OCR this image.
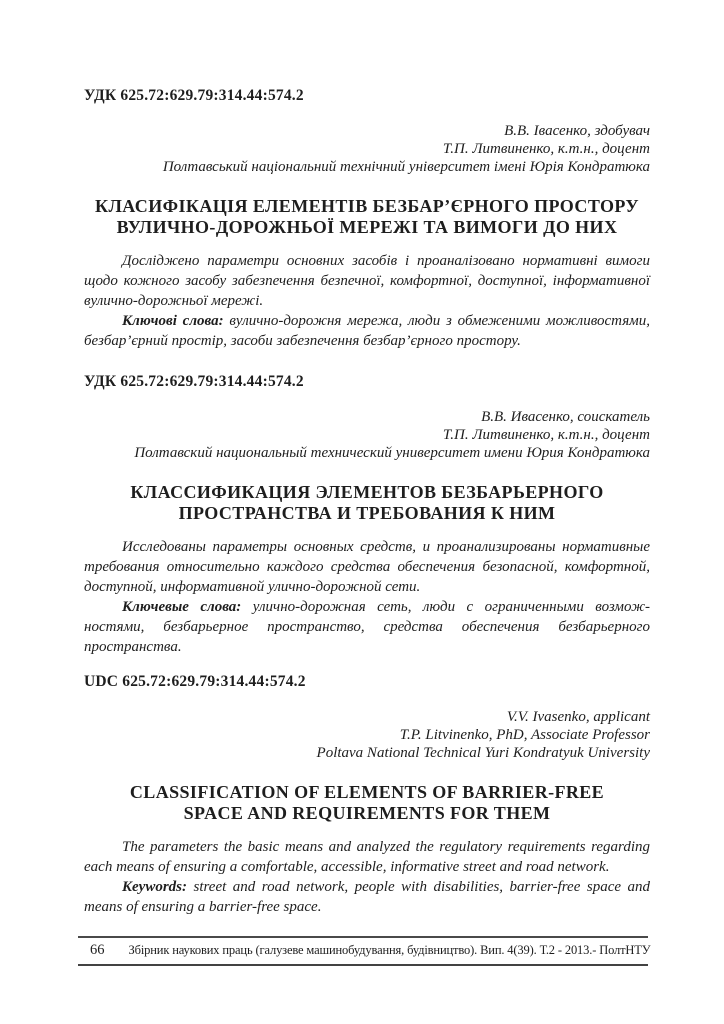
УДК 625.72:629.79:314.44:574.2

В.В. Івасенко, здобувач
Т.П. Литвиненко, к.т.н., доцент
Полтавський національний технічний університет імені Юрія Кондратюка
КЛАСИФІКАЦІЯ ЕЛЕМЕНТІВ БЕЗБАР’ЄРНОГО ПРОСТОРУ
ВУЛИЧНО-ДОРОЖНЬОЇ МЕРЕЖІ ТА ВИМОГИ ДО НИХ
Досліджено параметри основних засобів і проаналізовано нормативні вимоги
щодо кожного засобу забезпечення безпечної, комфортної, доступної, інформативної
вулично-дорожньої мережі.
Ключові слова: вулично-дорожня мережа, люди з обмеженими можливостями,
безбар’єрний простір, засоби забезпечення безбар’єрного простору.

УДК 625.72:629.79:314.44:574.2

В.В. Ивасенко, соискатель
Т.П. Литвиненко, к.т.н., доцент
Полтавский национальный технический университет имени Юрия Кондратюка
КЛАССИФИКАЦИЯ ЭЛЕМЕНТОВ БЕЗБАРЬЕРНОГО
ПРОСТРАНСТВА И ТРЕБОВАНИЯ К НИМ
Исследованы параметры основных средств, и проанализированы нормативные
требования относительно каждого средства обеспечения безопасной, комфортной,
доступной, информативной улично-дорожной сети.
Ключевые слова: улично-дорожная сеть, люди с ограниченными возмож-
ностями, безбарьерное пространство, средства обеспечения безбарьерного
пространства.

UDC 625.72:629.79:314.44:574.2

V.V. Ivasenko, applicant
T.P. Litvinenko, PhD, Associate Professor
Poltava National Technical Yuri Kondratyuk University
CLASSIFICATION OF ELEMENTS OF BARRIER-FREE
SPACE AND REQUIREMENTS FOR THEM
The parameters the basic means and analyzed the regulatory requirements regarding
each means of ensuring a comfortable, accessible, informative street and road network.
Keywords: street and road network, people with disabilities, barrier-free space and
means of ensuring a barrier-free space.
66 Збірник наукових праць (галузеве машинобудування, будівництво). Вип. 4(39). Т.2 - 2013.- ПолтНТУ
